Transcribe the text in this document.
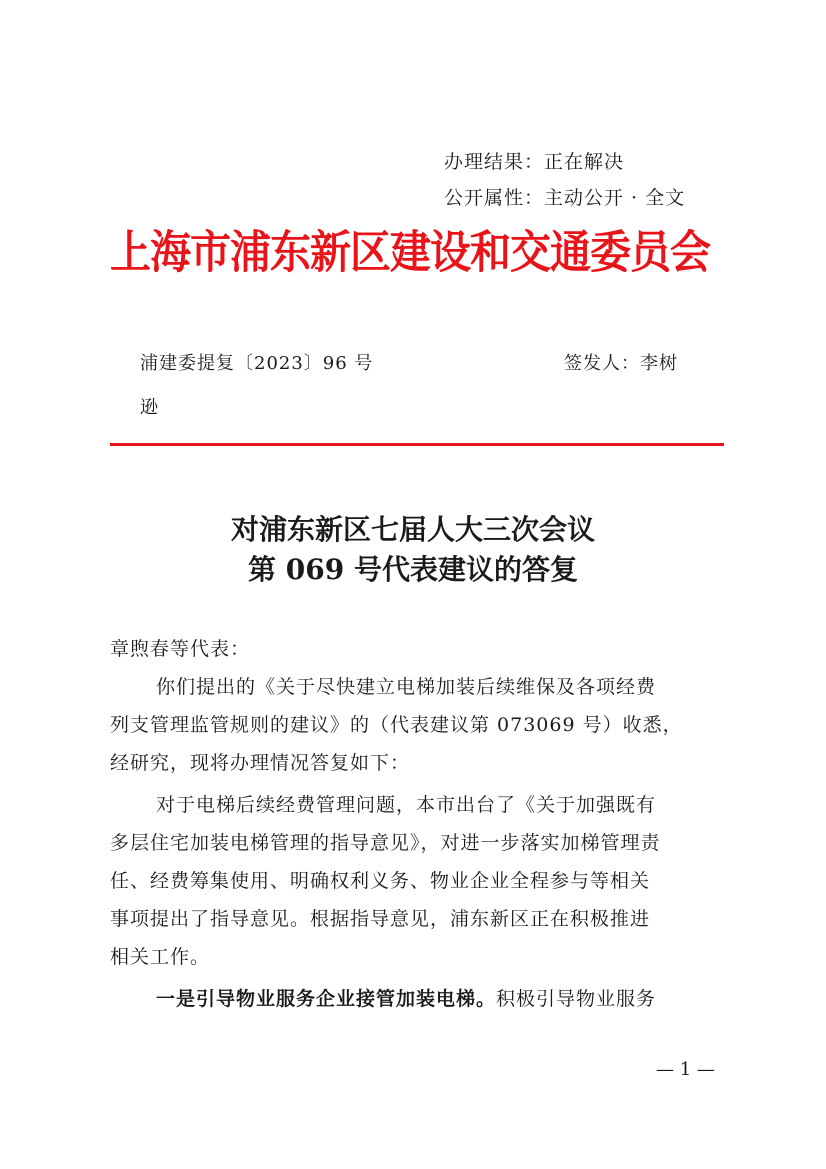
办理结果：正在解决
公开属性：主动公开 · 全文
上海市浦东新区建设和交通委员会
浦建委提复〔2023〕96 号	签发人：李树
逊
对浦东新区七届人大三次会议
第 069 号代表建议的答复
章煦春等代表：
你们提出的《关于尽快建立电梯加装后续维保及各项经费
列支管理监管规则的建议》的（代表建议第 073069 号）收悉，
经研究，现将办理情况答复如下：
对于电梯后续经费管理问题，本市出台了《关于加强既有
多层住宅加装电梯管理的指导意见》，对进一步落实加梯管理责
任、经费筹集使用、明确权利义务、物业企业全程参与等相关
事项提出了指导意见。根据指导意见，浦东新区正在积极推进
相关工作。
一是引导物业服务企业接管加装电梯。积极引导物业服务
— 1 —
